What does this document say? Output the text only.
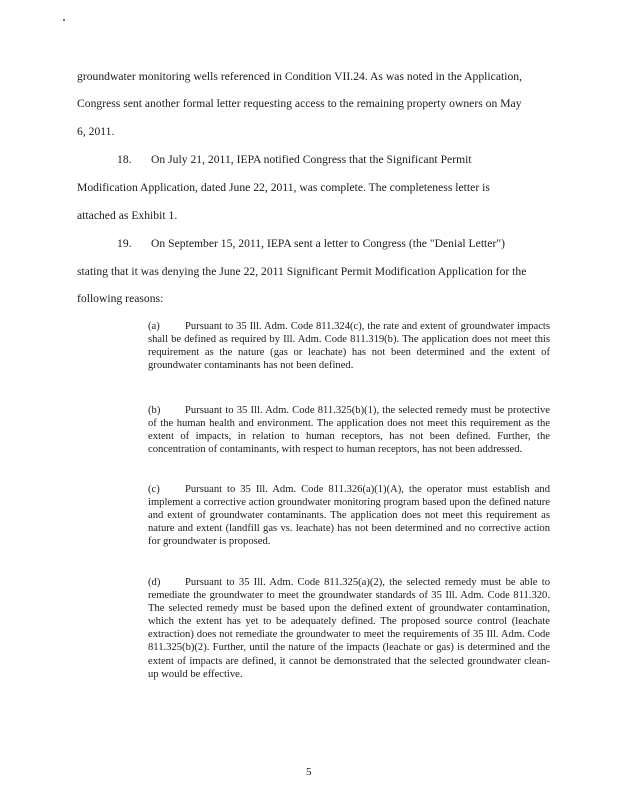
groundwater monitoring wells referenced in Condition VII.24. As was noted in the Application,
Congress sent another formal letter requesting access to the remaining property owners on May
6, 2011.
18. On July 21, 2011, IEPA notified Congress that the Significant Permit
Modification Application, dated June 22, 2011, was complete. The completeness letter is
attached as Exhibit 1.
19. On September 15, 2011, IEPA sent a letter to Congress (the "Denial Letter")
stating that it was denying the June 22, 2011 Significant Permit Modification Application for the
following reasons:
(a) Pursuant to 35 Ill. Adm. Code 811.324(c), the rate and extent of groundwater impacts shall be defined as required by Ill. Adm. Code 811.319(b). The application does not meet this requirement as the nature (gas or leachate) has not been determined and the extent of groundwater contaminants has not been defined.
(b) Pursuant to 35 Ill. Adm. Code 811.325(b)(1), the selected remedy must be protective of the human health and environment. The application does not meet this requirement as the extent of impacts, in relation to human receptors, has not been defined. Further, the concentration of contaminants, with respect to human receptors, has not been addressed.
(c) Pursuant to 35 Ill. Adm. Code 811.326(a)(1)(A), the operator must establish and implement a corrective action groundwater monitoring program based upon the defined nature and extent of groundwater contaminants. The application does not meet this requirement as nature and extent (landfill gas vs. leachate) has not been determined and no corrective action for groundwater is proposed.
(d) Pursuant to 35 Ill. Adm. Code 811.325(a)(2), the selected remedy must be able to remediate the groundwater to meet the groundwater standards of 35 Ill. Adm. Code 811.320. The selected remedy must be based upon the defined extent of groundwater contamination, which the extent has yet to be adequately defined. The proposed source control (leachate extraction) does not remediate the groundwater to meet the requirements of 35 Ill. Adm. Code 811.325(b)(2). Further, until the nature of the impacts (leachate or gas) is determined and the extent of impacts are defined, it cannot be demonstrated that the selected groundwater clean-up would be effective.
5
